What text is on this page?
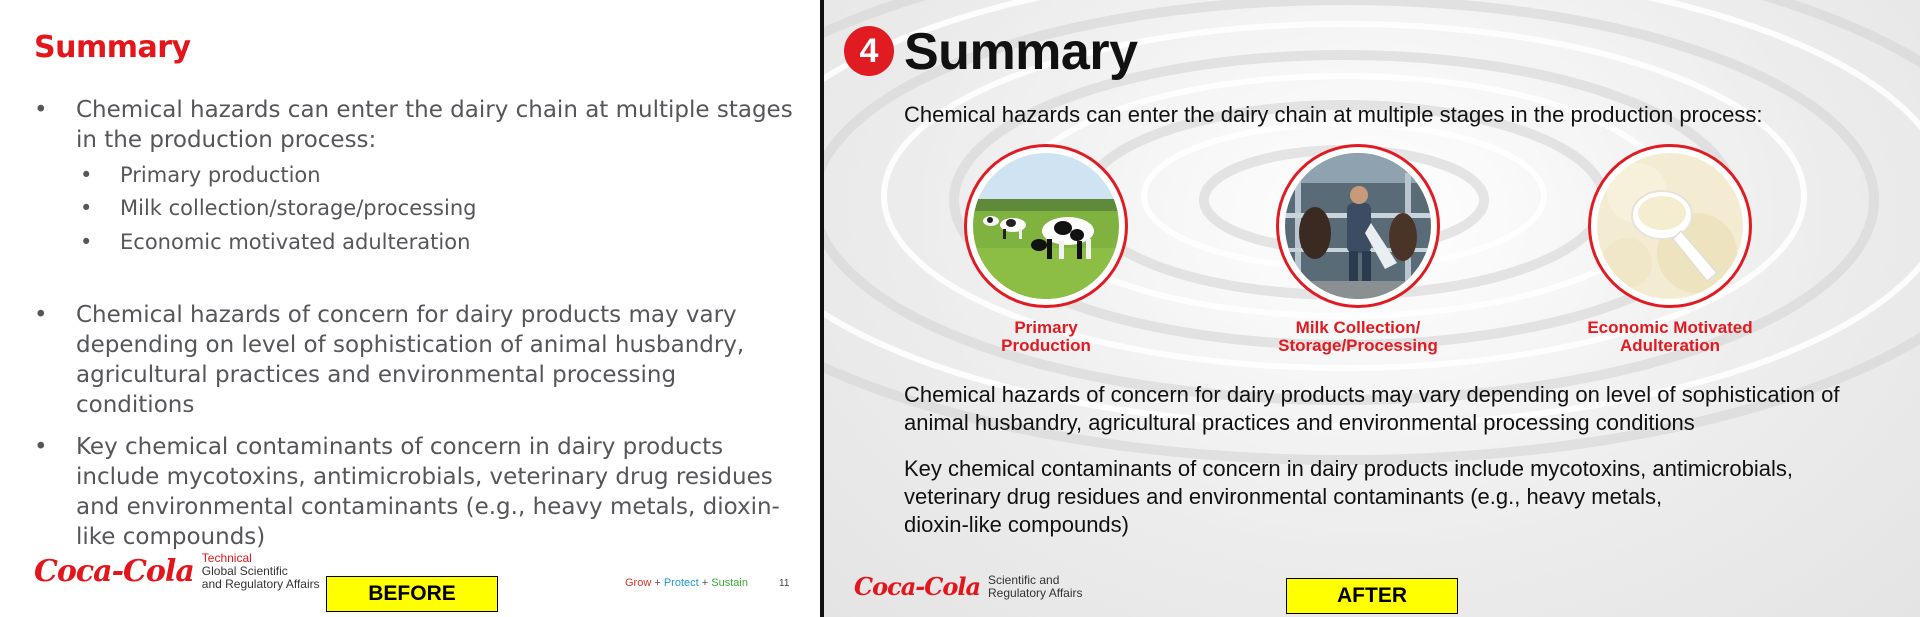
Summary
•	Chemical hazards can enter the dairy chain at multiple stages in the production process:
• Primary production
• Milk collection/storage/processing
• Economic motivated adulteration
•	Chemical hazards of concern for dairy products may vary depending on level of sophistication of animal husbandry, agricultural practices and environmental processing conditions
•	Key chemical contaminants of concern in dairy products include mycotoxins, antimicrobials, veterinary drug residues and environmental contaminants (e.g., heavy metals, dioxin-like compounds)
Coca-Cola Technical
Global Scientific
and Regulatory Affairs	BEFORE	Grow + Protect + Sustain	11
4 Summary
Chemical hazards can enter the dairy chain at multiple stages in the production process:
Primary
Production
Milk Collection/
Storage/Processing
Economic Motivated
Adulteration
Chemical hazards of concern for dairy products may vary depending on level of sophistication of
animal husbandry, agricultural practices and environmental processing conditions
Key chemical contaminants of concern in dairy products include mycotoxins, antimicrobials,
veterinary drug residues and environmental contaminants (e.g., heavy metals,
dioxin-like compounds)
Coca-Cola Scientific and
Regulatory Affairs	AFTER
